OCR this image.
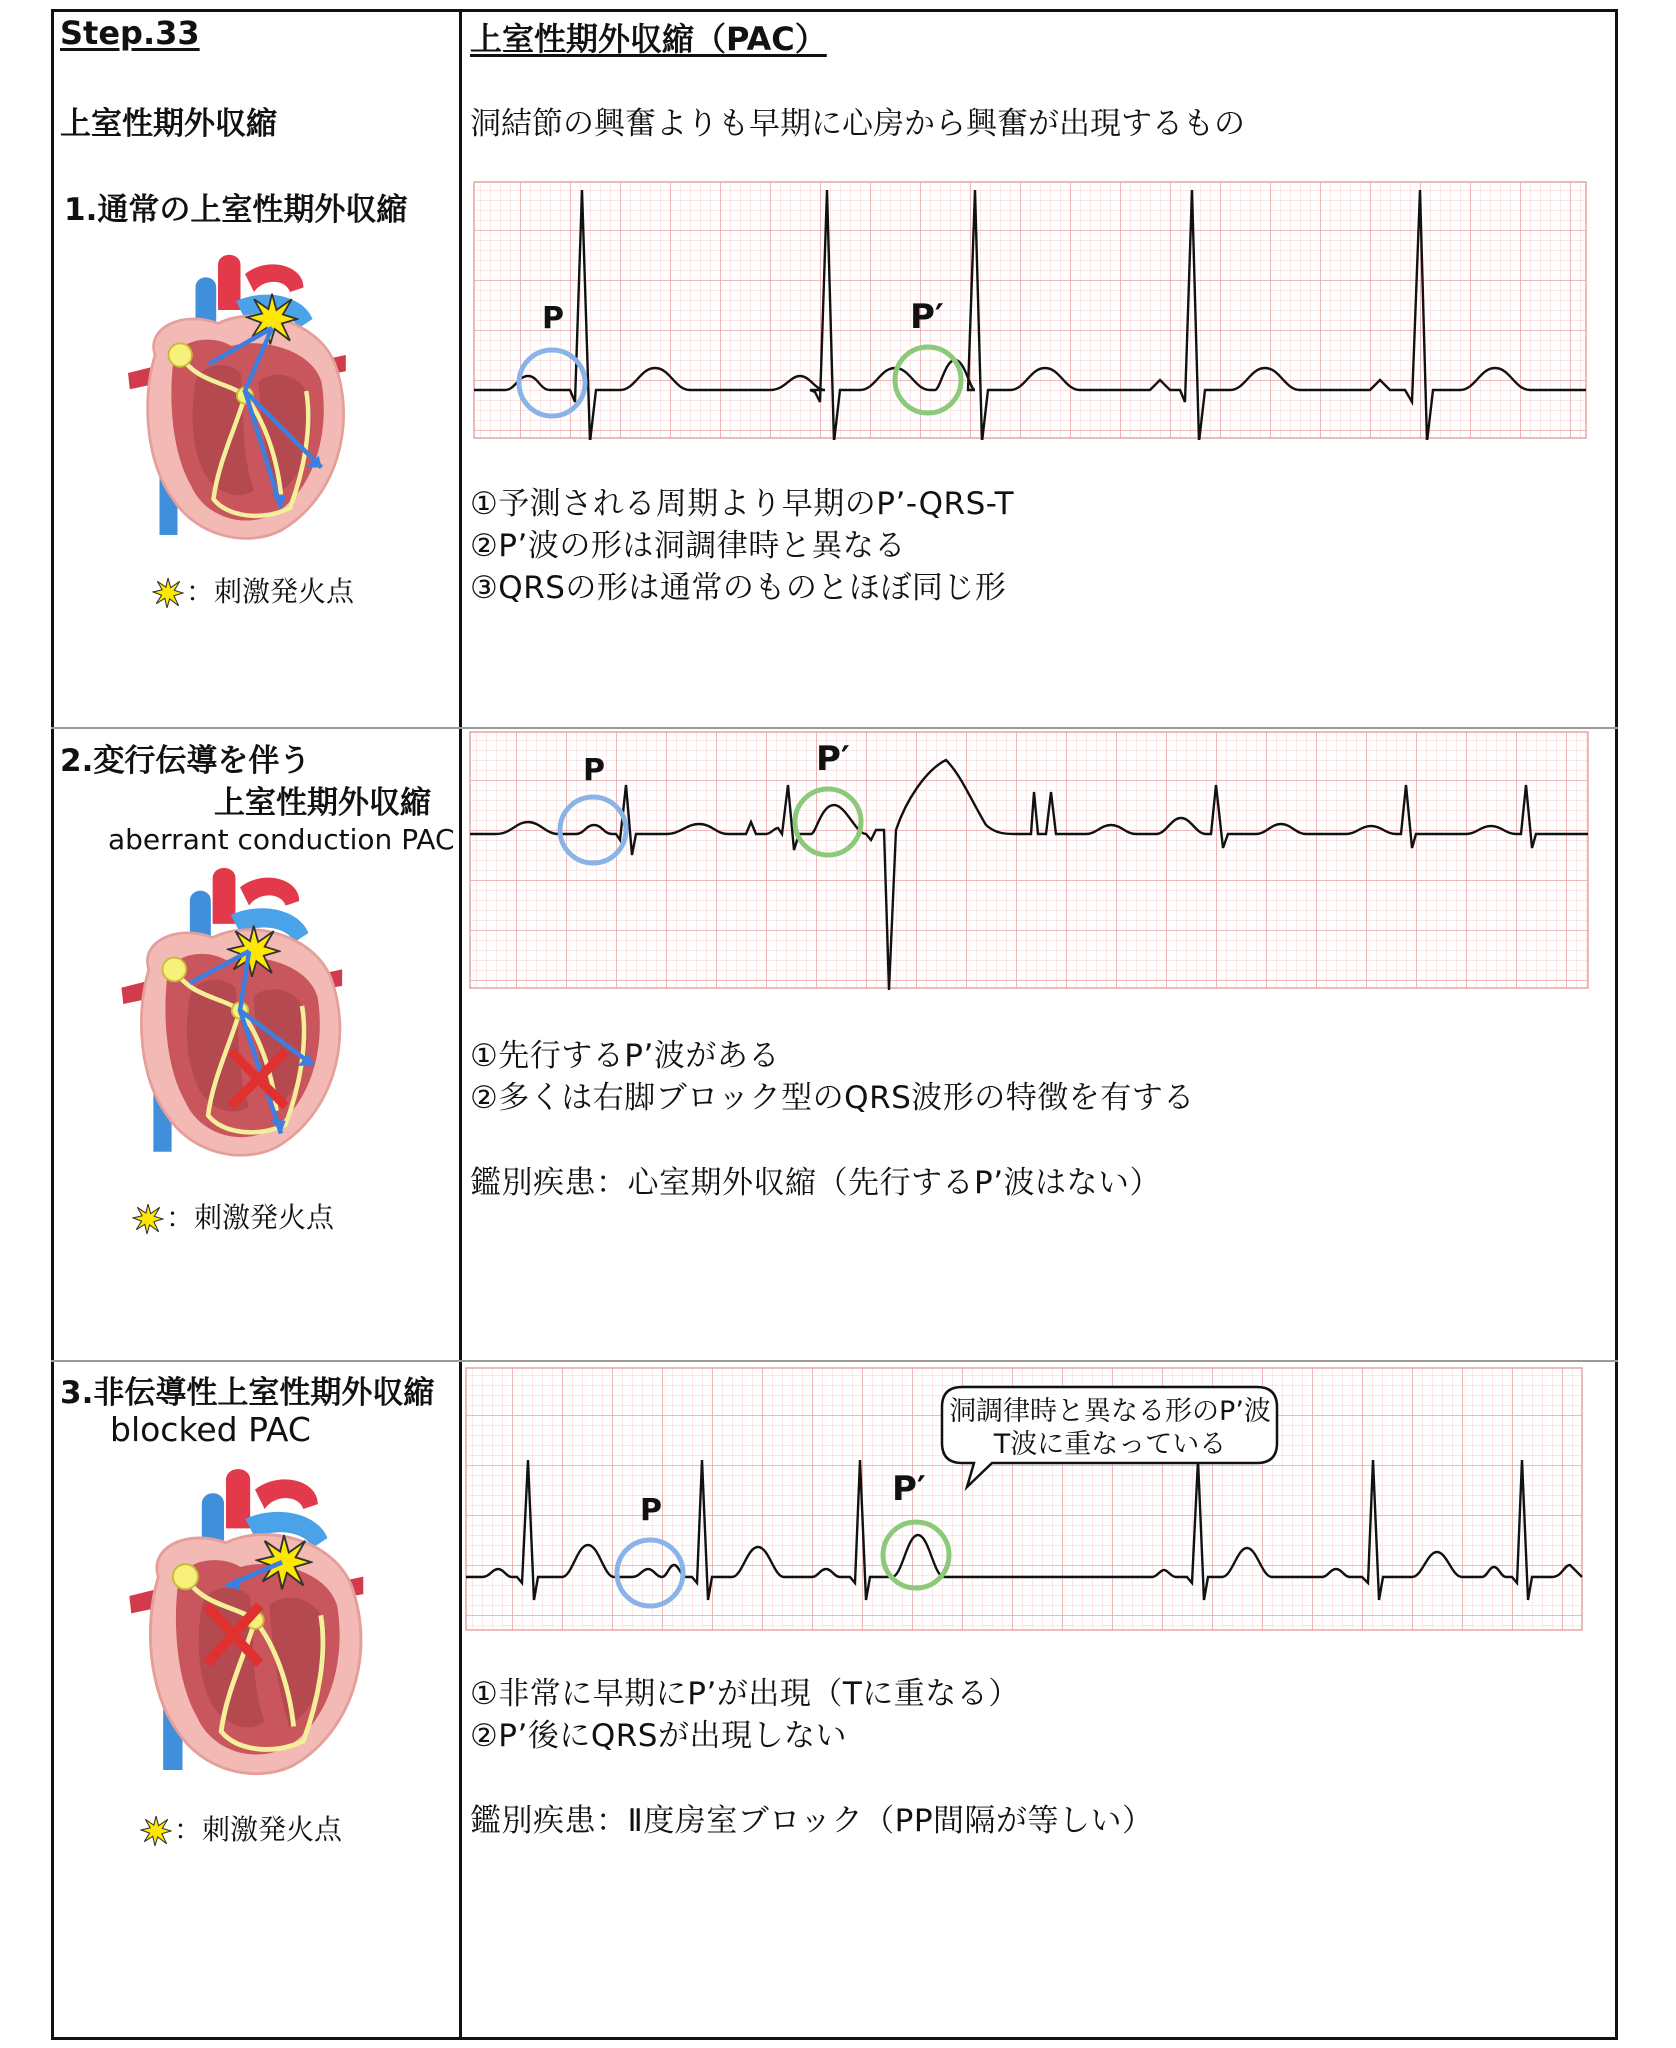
Step.33	上室性期外収縮（PAC）
洞結節の興奮よりも早期に心房から興奮が出現するもの
上室性期外収縮
1.通常の上室性期外収縮
：刺激発火点
P	P′
①予測される周期より早期のP’-QRS-T
②P’波の形は洞調律時と異なる
③QRSの形は通常のものとほぼ同じ形
2.変行伝導を伴う
上室性期外収縮
aberrant conduction PAC
：刺激発火点
P	P′
①先行するP’波がある
②多くは右脚ブロック型のQRS波形の特徴を有する
鑑別疾患：心室期外収縮（先行するP’波はない）
3.非伝導性上室性期外収縮
blocked PAC
：刺激発火点
P
P′
洞調律時と異なる形のP’波
T波に重なっている
①非常に早期にP’が出現（Tに重なる）
②P’後にQRSが出現しない
鑑別疾患：Ⅱ度房室ブロック（PP間隔が等しい）
